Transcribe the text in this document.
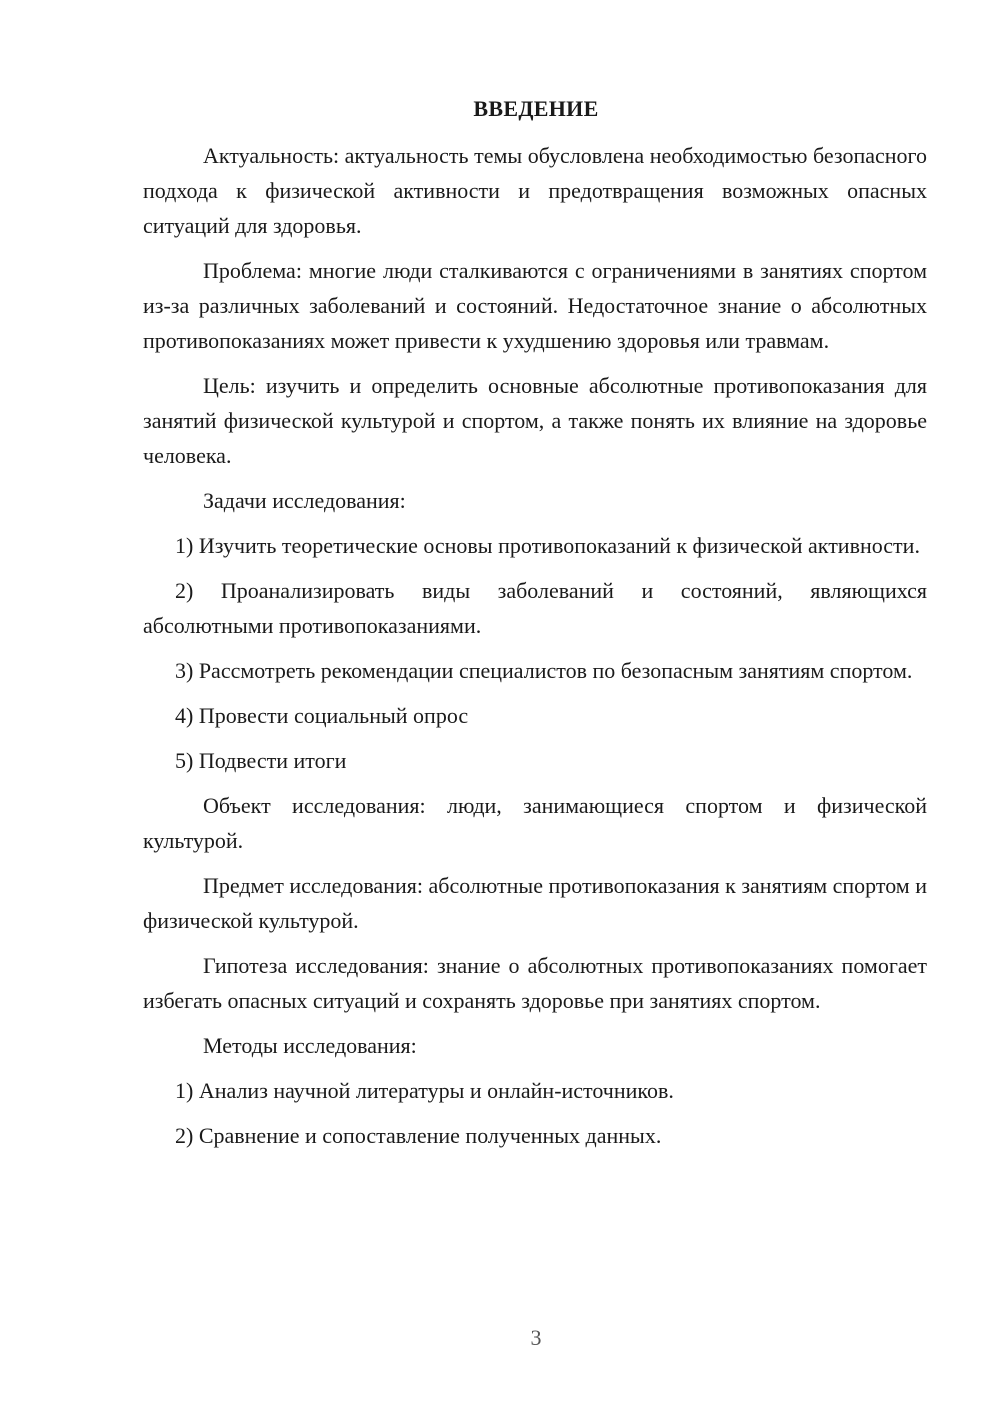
ВВЕДЕНИЕ

Актуальность: актуальность темы обусловлена необходимостью безопасного подхода к физической активности и предотвращения возможных опасных ситуаций для здоровья.

Проблема: многие люди сталкиваются с ограничениями в занятиях спортом из-за различных заболеваний и состояний. Недостаточное знание о абсолютных противопоказаниях может привести к ухудшению здоровья или травмам.

Цель: изучить и определить основные абсолютные противопоказания для занятий физической культурой и спортом, а также понять их влияние на здоровье человека.

Задачи исследования:

1) Изучить теоретические основы противопоказаний к физической активности.

2) Проанализировать виды заболеваний и состояний, являющихся абсолютными противопоказаниями.

3) Рассмотреть рекомендации специалистов по безопасным занятиям спортом.

4) Провести социальный опрос

5) Подвести итоги

Объект исследования: люди, занимающиеся спортом и физической культурой.

Предмет исследования: абсолютные противопоказания к занятиям спортом и физической культурой.

Гипотеза исследования: знание о абсолютных противопоказаниях помогает избегать опасных ситуаций и сохранять здоровье при занятиях спортом.

Методы исследования:

1) Анализ научной литературы и онлайн-источников.

2) Сравнение и сопоставление полученных данных.

3
